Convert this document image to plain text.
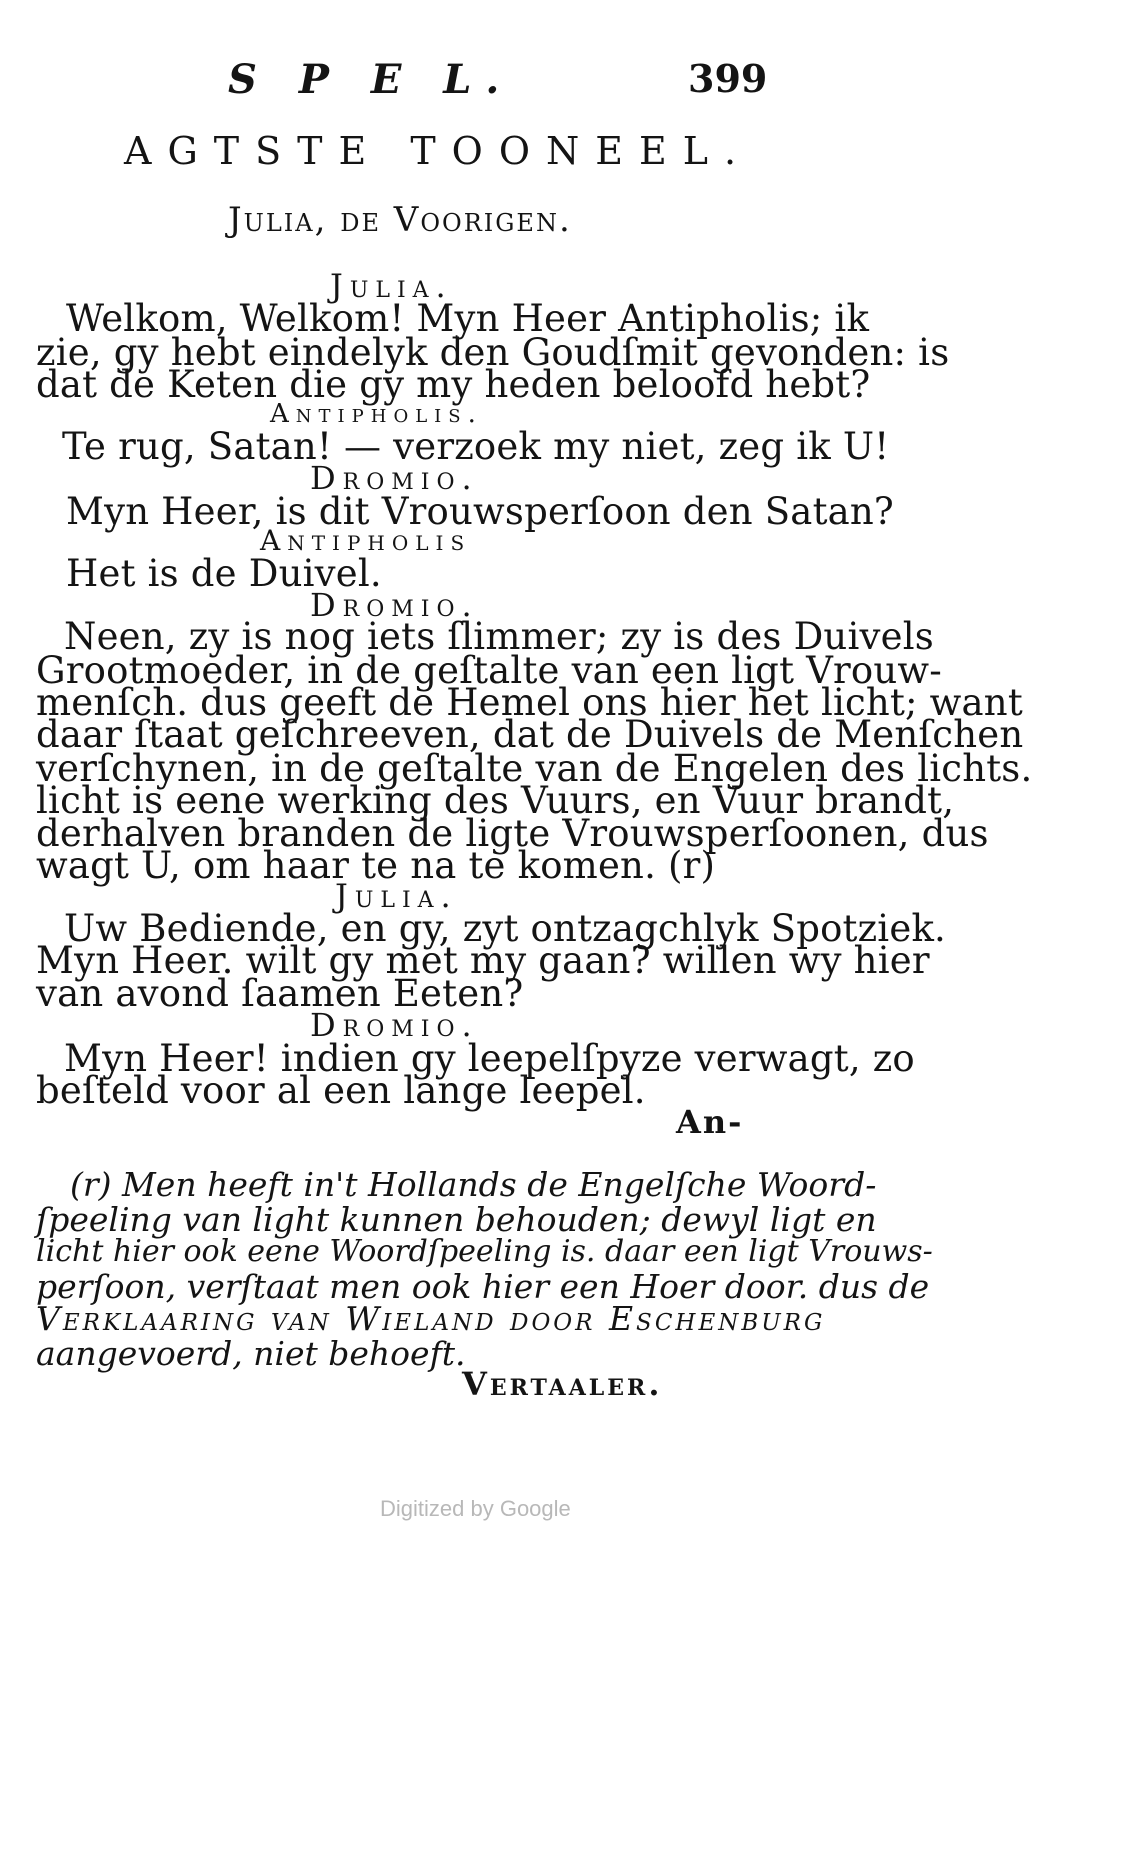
S P E L.	399
AGTSTE TOONEEL.
Julia, de Voorigen.
Julia.
Welkom, Welkom! Myn Heer Antipholis; ik
zie, gy hebt eindelyk den Goudſmit gevonden: is
dat de Keten die gy my heden beloofd hebt?
Antipholis.
Te rug, Satan! — verzoek my niet, zeg ik U!
Dromio.
Myn Heer, is dit Vrouwsperſoon den Satan?
Antipholis
Het is de Duivel.
Dromio.
Neen, zy is nog iets ſlimmer; zy is des Duivels
Grootmoeder, in de geſtalte van een ligt Vrouw-
menſch. dus geeft de Hemel ons hier het licht; want
daar ſtaat geſchreeven, dat de Duivels de Menſchen
verſchynen, in de geſtalte van de Engelen des lichts.
licht is eene werking des Vuurs, en Vuur brandt,
derhalven branden de ligte Vrouwsperſoonen, dus
wagt U, om haar te na te komen. (r)
Julia.
Uw Bediende, en gy, zyt ontzagchlyk Spotziek.
Myn Heer. wilt gy met my gaan? willen wy hier
van avond ſaamen Eeten?
Dromio.
Myn Heer! indien gy leepelſpyze verwagt, zo
beſteld voor al een lange leepel.
An-
(r) Men heeft in't Hollands de Engelſche Woord-
ſpeeling van light kunnen behouden; dewyl ligt en
licht hier ook eene Woordſpeeling is. daar een ligt Vrouws-
perſoon, verſtaat men ook hier een Hoer door. dus de
Verklaaring van Wieland door Eschenburg
aangevoerd, niet behoeft.
Vertaaler.
Digitized by Google
